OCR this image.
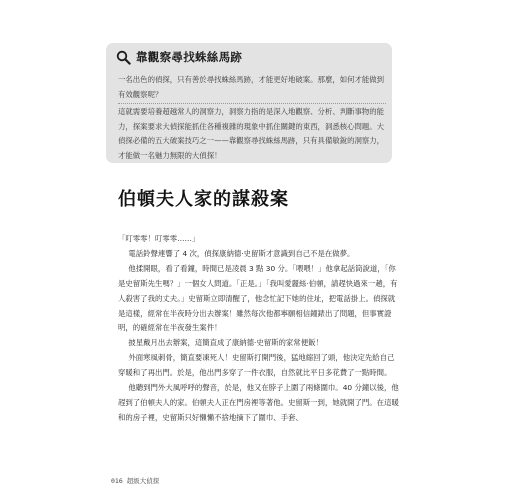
靠觀察尋找蛛絲馬跡

一名出色的偵探，只有善於尋找蛛絲馬跡，才能更好地破案。那麼，如何才能做到有效觀察呢？

這就需要培養超越常人的洞察力，洞察力指的是深入地觀察、分析、判斷事物的能力，探案要求大偵探能抓住各種複雜的現象中抓住關鍵的東西，洞悉核心問題。大偵探必備的五大破案技巧之一——靠觀察尋找蛛絲馬跡，只有具備敏銳的洞察力，才能做一名魅力無限的大偵探！

伯頓夫人家的謀殺案

「叮零零！叮零零……」

電話鈴聲連響了 4 次，偵探康納德·史留斯才意識到自己不是在做夢。

他揉開眼，看了看鐘，時間已是凌晨 3 點 30 分。「喂喂！」他拿起話筒說道，「你是史留斯先生嗎？」一個女人問道。「正是。」「我叫愛麗絲·伯頓，請趕快過來一趟，有人殺害了我的丈夫。」史留斯立即清醒了，他念忙記下她的住址，把電話掛上。偵探就是這樣，經常在半夜時分出去辦案！雖然每次他都寧願相信鐘錶出了問題，但事實證明，的確經常在半夜發生案件！

披星戴月出去辦案，這簡直成了康納德·史留斯的家常便飯！

外面寒風刺骨，簡直要凍死人！史留斯打開門後，猛地縮回了頭，他決定先給自己穿暖和了再出門。於是，他出門多穿了一件衣服，自然就比平日多花費了一點時間。

他聽到門外大風呼呼的聲音，於是，他又在脖子上圍了兩條圍巾。40 分鐘以後，他趕到了伯頓夫人的家。伯頓夫人正在門房裡等著他。史留斯一到，她就開了門。在這暖和的房子裡，史留斯只好懶懶不捨地摘下了圍巾、手套、

016 超級大偵探
